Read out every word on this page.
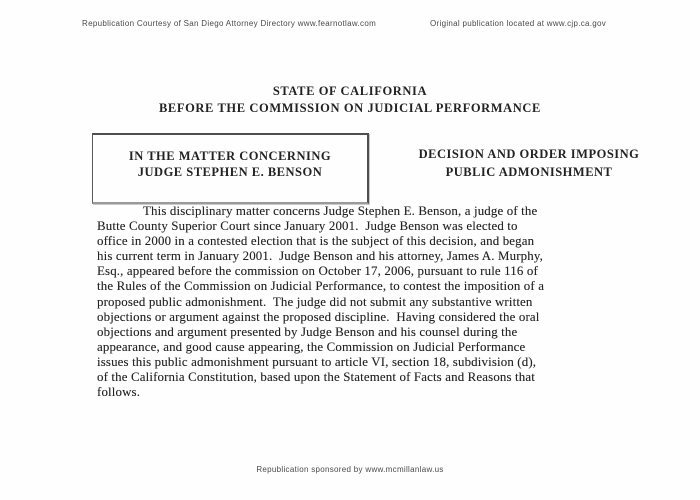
Republication Courtesy of San Diego Attorney Directory www.fearnotlaw.com	Original publication located at www.cjp.ca.gov
STATE OF CALIFORNIA
BEFORE THE COMMISSION ON JUDICIAL PERFORMANCE
IN THE MATTER CONCERNING
JUDGE STEPHEN E. BENSON
DECISION AND ORDER IMPOSING
PUBLIC ADMONISHMENT
This disciplinary matter concerns Judge Stephen E. Benson, a judge of the
Butte County Superior Court since January 2001.  Judge Benson was elected to
office in 2000 in a contested election that is the subject of this decision, and began
his current term in January 2001.  Judge Benson and his attorney, James A. Murphy,
Esq., appeared before the commission on October 17, 2006, pursuant to rule 116 of
the Rules of the Commission on Judicial Performance, to contest the imposition of a
proposed public admonishment.  The judge did not submit any substantive written
objections or argument against the proposed discipline.  Having considered the oral
objections and argument presented by Judge Benson and his counsel during the
appearance, and good cause appearing, the Commission on Judicial Performance
issues this public admonishment pursuant to article VI, section 18, subdivision (d),
of the California Constitution, based upon the Statement of Facts and Reasons that
follows.
Republication sponsored by www.mcmillanlaw.us
